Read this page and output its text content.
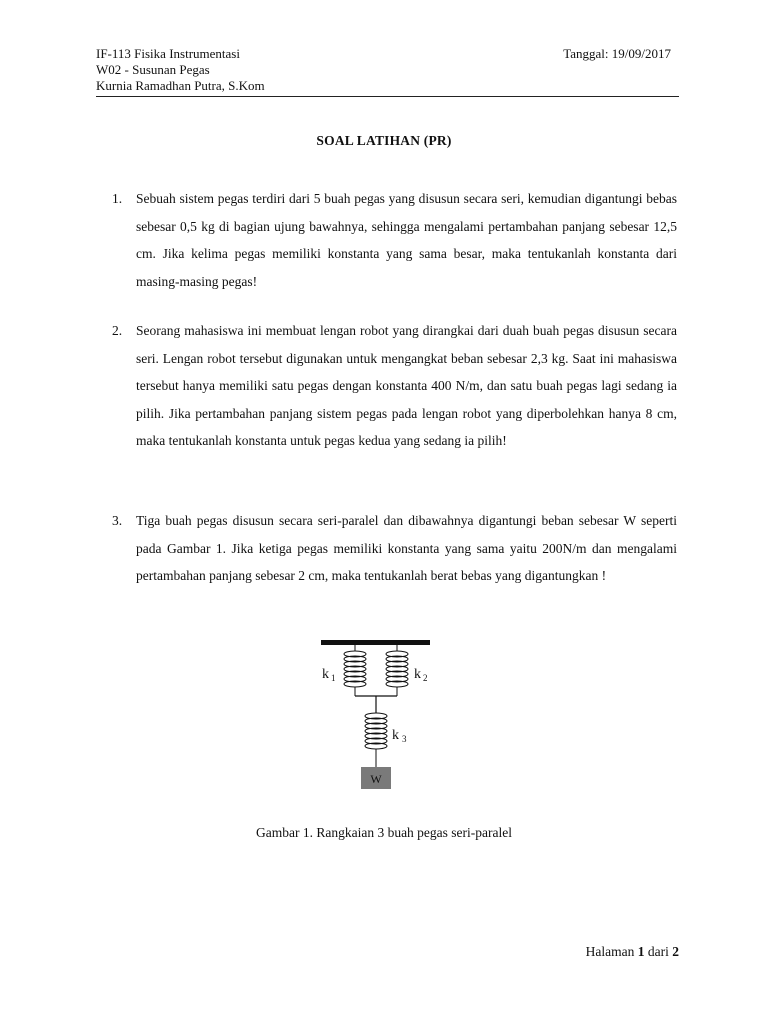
IF-113 Fisika Instrumentasi
W02 - Susunan Pegas
Kurnia Ramadhan Putra, S.Kom
Tanggal: 19/09/2017
SOAL LATIHAN (PR)
1. Sebuah sistem pegas terdiri dari 5 buah pegas yang disusun secara seri, kemudian digantungi bebas sebesar 0,5 kg di bagian ujung bawahnya, sehingga mengalami pertambahan panjang sebesar 12,5 cm. Jika kelima pegas memiliki konstanta yang sama besar, maka tentukanlah konstanta dari masing-masing pegas!
2. Seorang mahasiswa ini membuat lengan robot yang dirangkai dari duah buah pegas disusun secara seri. Lengan robot tersebut digunakan untuk mengangkat beban sebesar 2,3 kg. Saat ini mahasiswa tersebut hanya memiliki satu pegas dengan konstanta 400 N/m, dan satu buah pegas lagi sedang ia pilih. Jika pertambahan panjang sistem pegas pada lengan robot yang diperbolehkan hanya 8 cm, maka tentukanlah konstanta untuk pegas kedua yang sedang ia pilih!
3. Tiga buah pegas disusun secara seri-paralel dan dibawahnya digantungi beban sebesar W seperti pada Gambar 1. Jika ketiga pegas memiliki konstanta yang sama yaitu 200N/m dan mengalami pertambahan panjang sebesar 2 cm, maka tentukanlah berat bebas yang digantungkan !
W
k 1	k 2
k 3
Gambar 1. Rangkaian 3 buah pegas seri-paralel
Halaman 1 dari 2
